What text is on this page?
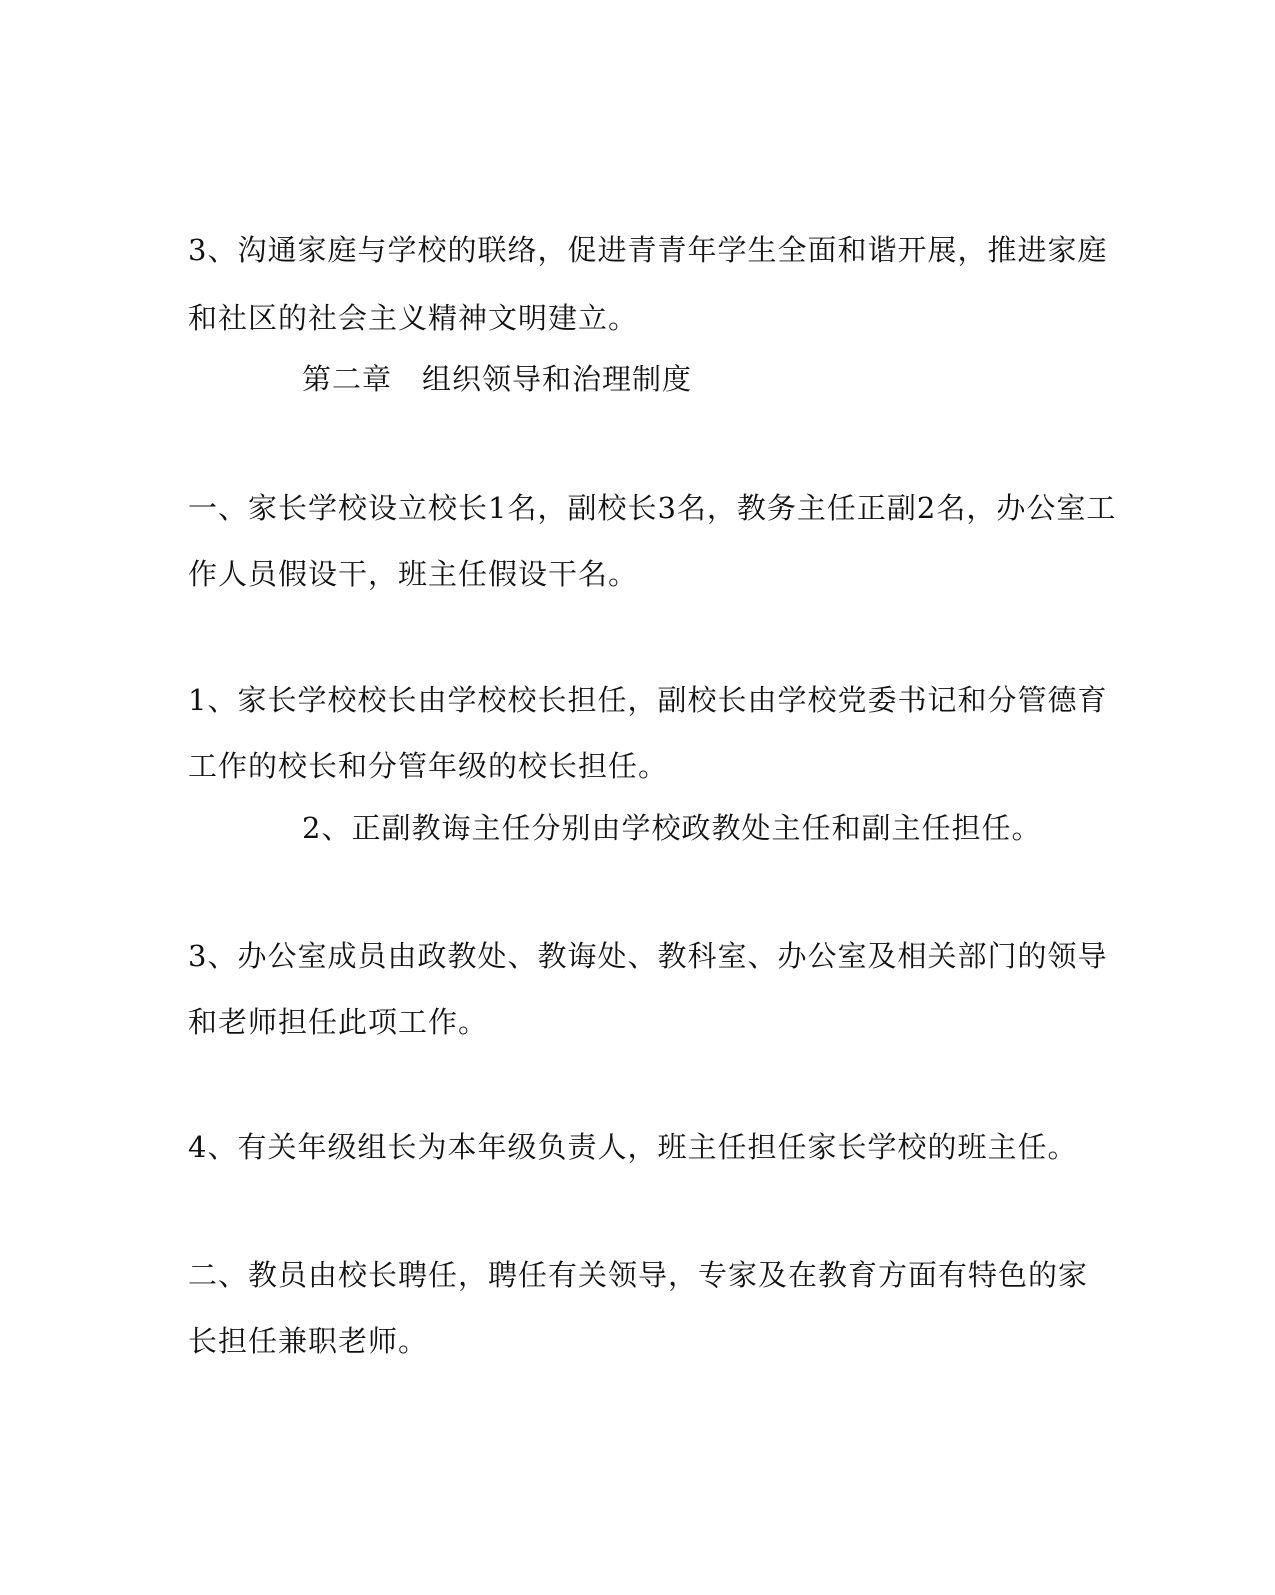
3、沟通家庭与学校的联络，促进青青年学生全面和谐开展，推进家庭
和社区的社会主义精神文明建立。
第二章 组织领导和治理制度
一、家长学校设立校长1名，副校长3名，教务主任正副2名，办公室工
作人员假设干，班主任假设干名。
1、家长学校校长由学校校长担任，副校长由学校党委书记和分管德育
工作的校长和分管年级的校长担任。
2、正副教诲主任分别由学校政教处主任和副主任担任。
3、办公室成员由政教处、教诲处、教科室、办公室及相关部门的领导
和老师担任此项工作。
4、有关年级组长为本年级负责人，班主任担任家长学校的班主任。
二、教员由校长聘任，聘任有关领导，专家及在教育方面有特色的家
长担任兼职老师。
